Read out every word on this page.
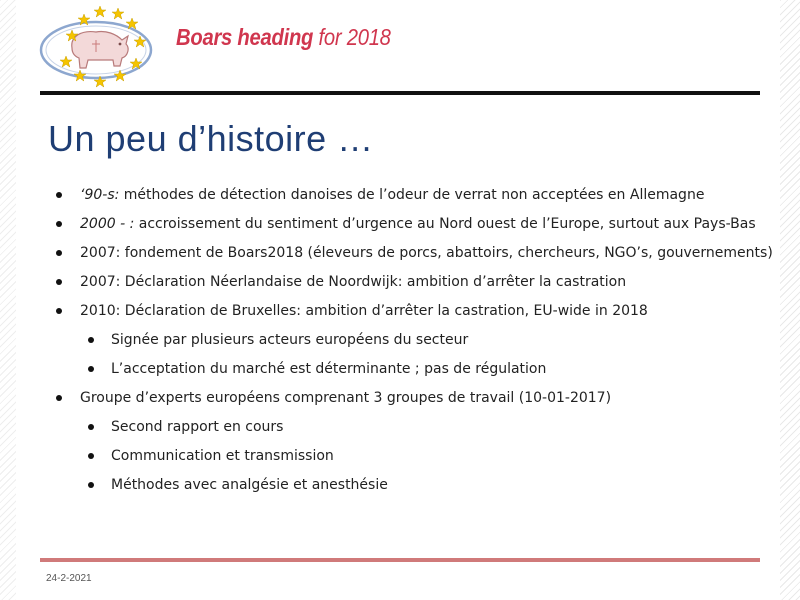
Boars heading for 2018
Un peu d’histoire …
‘90-s: méthodes de détection danoises de l’odeur de verrat non acceptées en Allemagne
2000 - : accroissement du sentiment d’urgence au Nord ouest de l’Europe, surtout aux Pays-Bas
2007: fondement de Boars2018 (éleveurs de porcs, abattoirs, chercheurs, NGO’s, gouvernements)
2007: Déclaration Néerlandaise de Noordwijk: ambition d’arrêter la castration
2010: Déclaration de Bruxelles: ambition d’arrêter la castration, EU-wide in 2018
Signée par plusieurs acteurs européens du secteur
L’acceptation du marché est déterminante ; pas de régulation
Groupe d’experts européens comprenant 3 groupes de travail (10-01-2017)
Second rapport en cours
Communication et transmission
Méthodes avec analgésie et anesthésie
24-2-2021
